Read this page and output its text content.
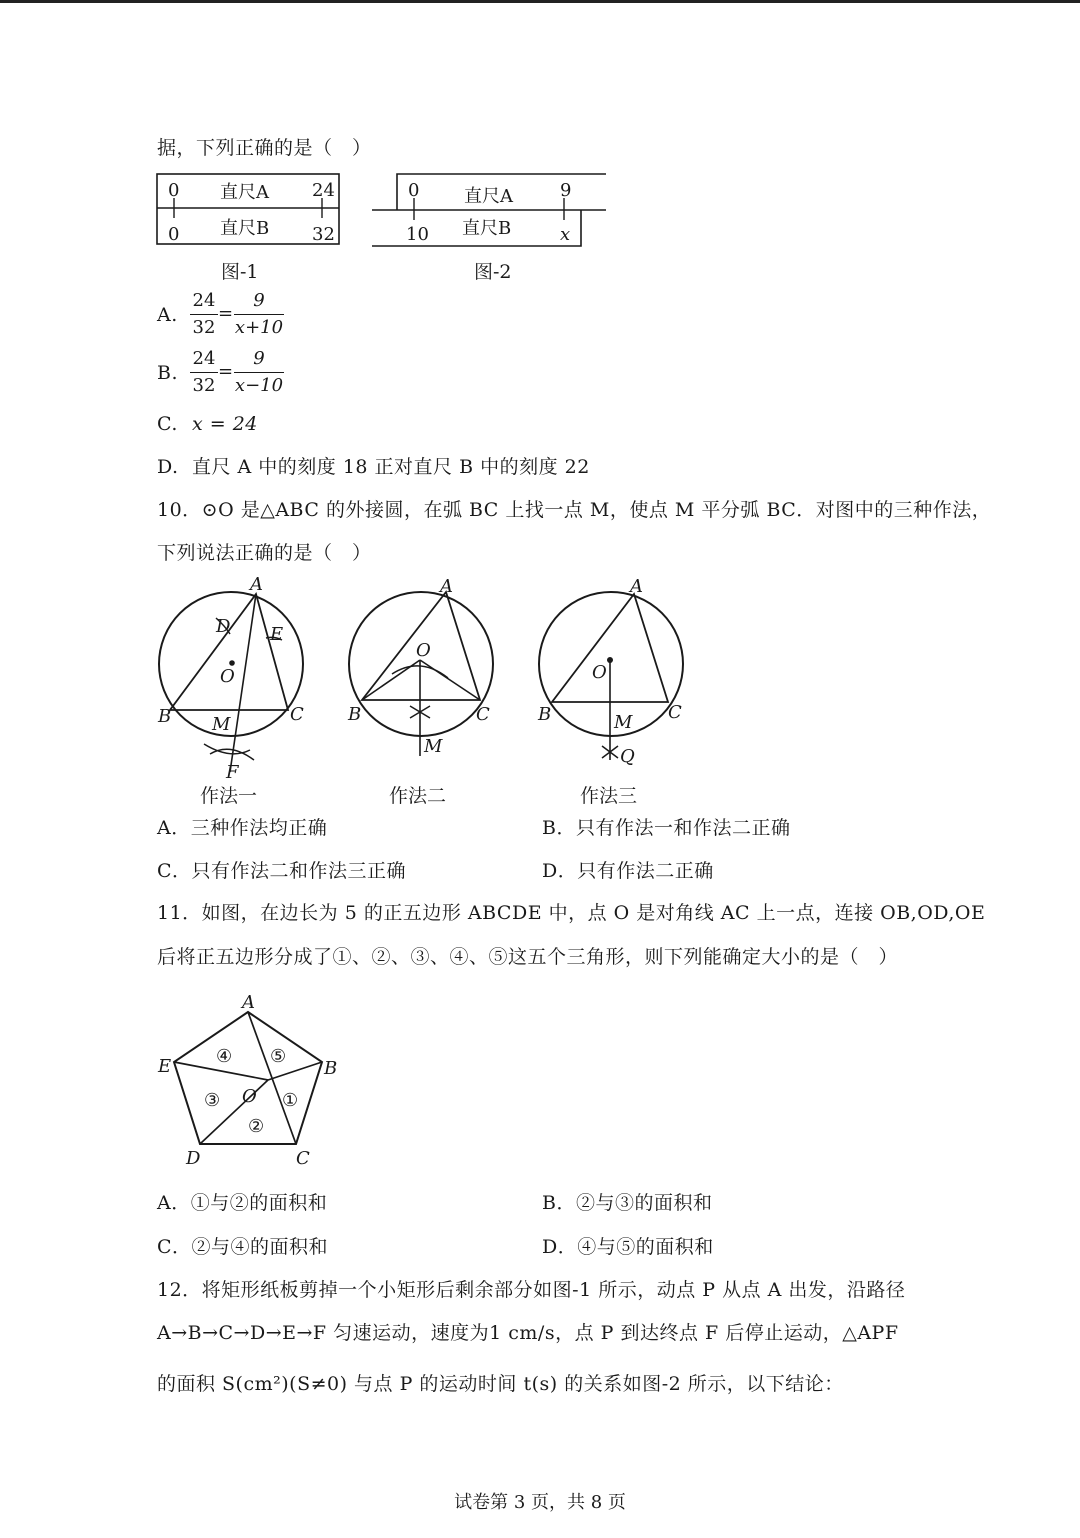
据，下列正确的是（　）
0 直尺A 24
0 直尺B 32
图-1
0 直尺A	9
10 直尺B	x
图-2
A.
24
32
=
9
x+10
B.
24
32
=
9
x−10
C. x = 24
D. 直尺 A 中的刻度 18 正对直尺 B 中的刻度 22
10．⊙O 是△ABC 的外接圆，在弧 BC 上找一点 M，使点 M 平分弧 BC．对图中的三种作法，
下列说法正确的是（　）
A
D E
O
B M	C
F
作法一
A
O
B	C
M
作法二
A
O
B	M C
Q
作法三
A．三种作法均正确	B．只有作法一和作法二正确
C．只有作法二和作法三正确	D．只有作法二正确
11．如图，在边长为 5 的正五边形 ABCDE 中，点 O 是对角线 AC 上一点，连接 OB,OD,OE
后将正五边形分成了①、②、③、④、⑤这五个三角形，则下列能确定大小的是（　）
A
B
C
D
E
O
④ ⑤
③	①
②
A．①与②的面积和	B．②与③的面积和
C．②与④的面积和	D．④与⑤的面积和
12．将矩形纸板剪掉一个小矩形后剩余部分如图-1 所示，动点 P 从点 A 出发，沿路径
A→B→C→D→E→F 匀速运动，速度为1 cm/s，点 P 到达终点 F 后停止运动，△APF
的面积 S(cm²)(S≠0) 与点 P 的运动时间 t(s) 的关系如图-2 所示，以下结论：
试卷第 3 页，共 8 页
